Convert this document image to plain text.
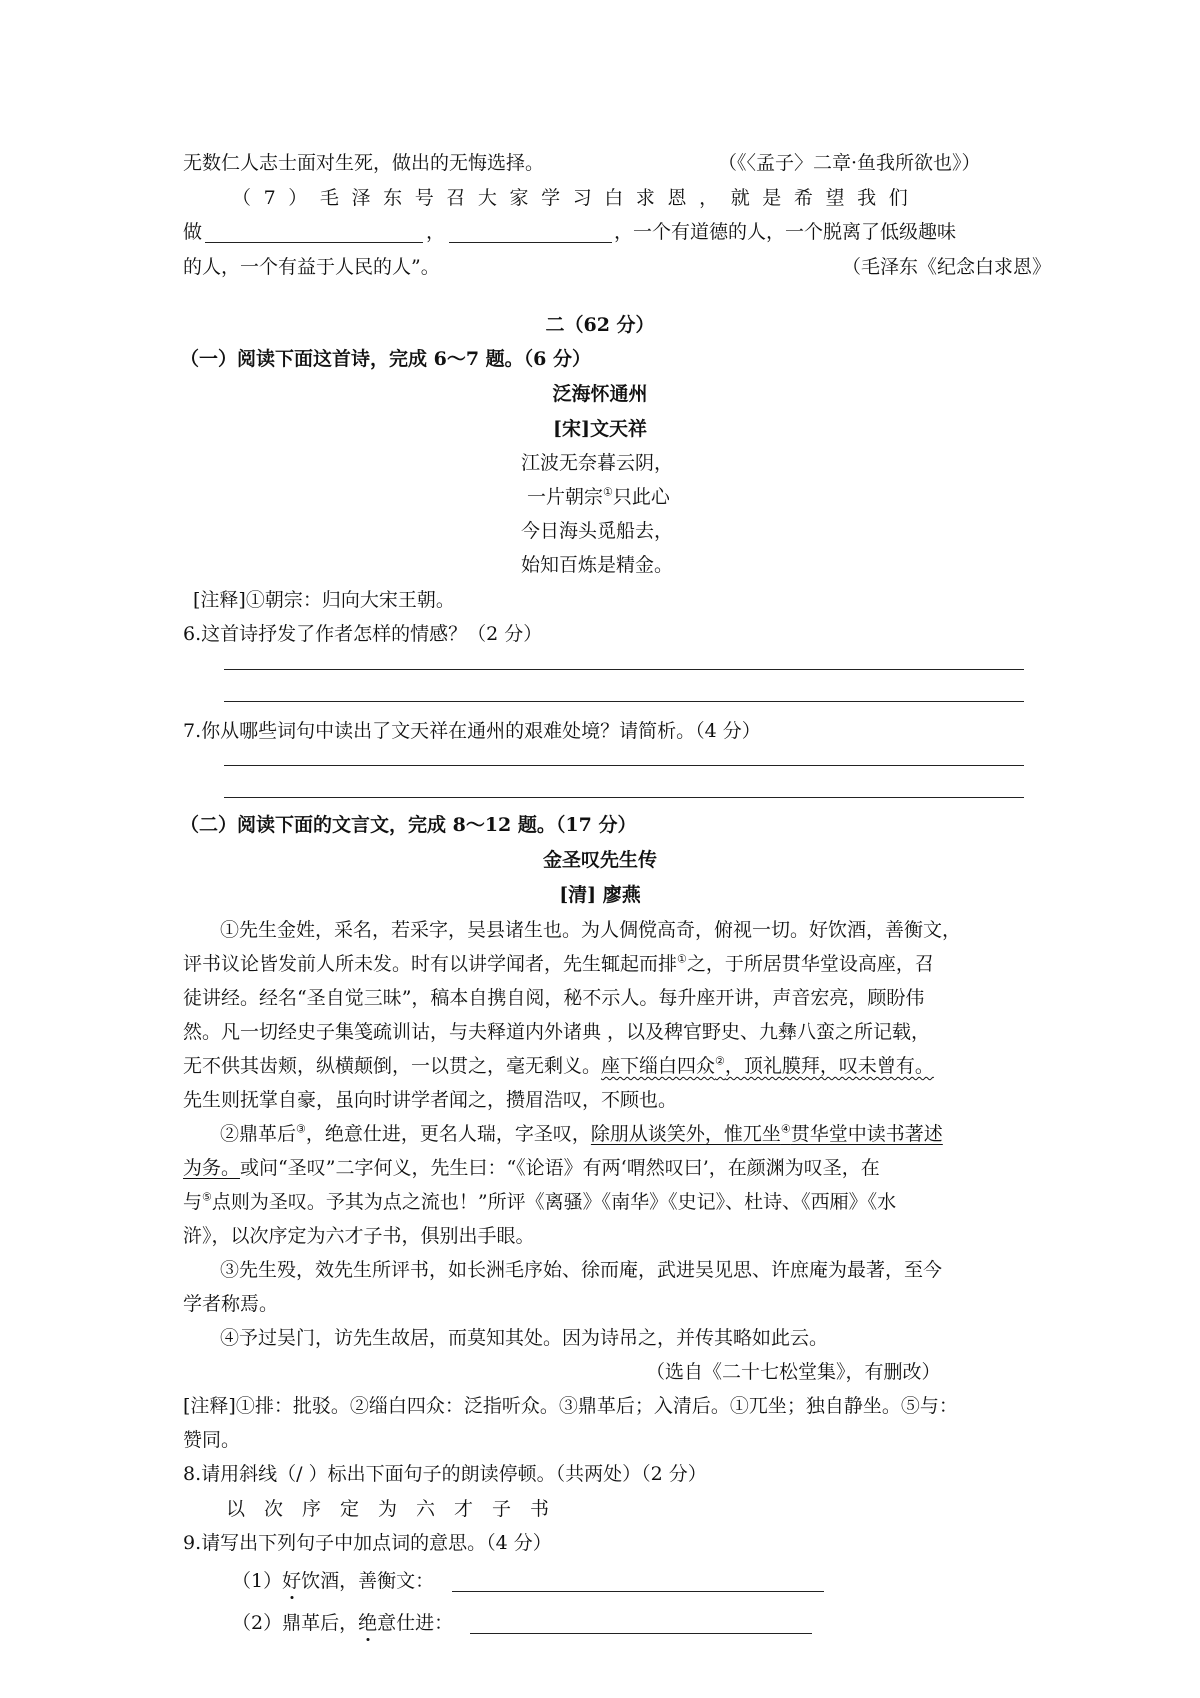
无数仁人志士面对生死，做出的无悔选择。	（《〈孟子〉二章·鱼我所欲也》）
（7）毛泽东号召大家学习白求恩，就是希望我们
做	，	，一个有道德的人，一个脱离了低级趣味
的人，一个有益于人民的人”。	（毛泽东《纪念白求恩》
二（62 分）
（一）阅读下面这首诗，完成 6～7 题。（6 分）
泛海怀通州
[宋]文天祥
江波无奈暮云阴，
一片朝宗①只此心
今日海头觅船去，
始知百炼是精金。
[注释]①朝宗：归向大宋王朝。
6.这首诗抒发了作者怎样的情感？（2 分）
7.你从哪些词句中读出了文天祥在通州的艰难处境？请简析。（4 分）
（二）阅读下面的文言文，完成 8～12 题。（17 分）
金圣叹先生传
[清] 廖燕
①先生金姓，采名，若采字，吴县诸生也。为人倜傥高奇，俯视一切。好饮酒，善衡文，
评书议论皆发前人所未发。时有以讲学闻者，先生辄起而排①之，于所居贯华堂设高座，召
徒讲经。经名“圣自觉三昧”，稿本自携自阅，秘不示人。每升座开讲，声音宏亮，顾盼伟
然。凡一切经史子集笺疏训诂，与夫释道内外诸典 ，以及稗官野史、九彝八蛮之所记载，
无不供其齿颊，纵横颠倒，一以贯之，毫无剩义。座下缁白四众②，顶礼膜拜，叹未曾有。
先生则抚掌自豪，虽向时讲学者闻之，攒眉浩叹，不顾也。
②鼎革后③，绝意仕进，更名人瑞，字圣叹，除朋从谈笑外，惟兀坐④贯华堂中读书著述
为务。或问“圣叹”二字何义，先生曰：“《论语》有两‘喟然叹曰’，在颜渊为叹圣，在
与⑤点则为圣叹。予其为点之流也！”所评《离骚》《南华》《史记》、杜诗、《西厢》《水
浒》，以次序定为六才子书，俱别出手眼。
③先生殁，效先生所评书，如长洲毛序始、徐而庵，武进吴见思、许庶庵为最著，至今
学者称焉。
④予过吴门，访先生故居，而莫知其处。因为诗吊之，并传其略如此云。
（选自《二十七松堂集》，有删改）
[注释]①排：批驳。②缁白四众：泛指听众。③鼎革后；入清后。①兀坐；独自静坐。⑤与：
赞同。
8.请用斜线（/ ）标出下面句子的朗读停顿。（共两处）（2 分）
以次序定为六才子书
9.请写出下列句子中加点词的意思。（4 分）
（1）好饮酒，善衡文：
（2）鼎革后，绝意仕进：
